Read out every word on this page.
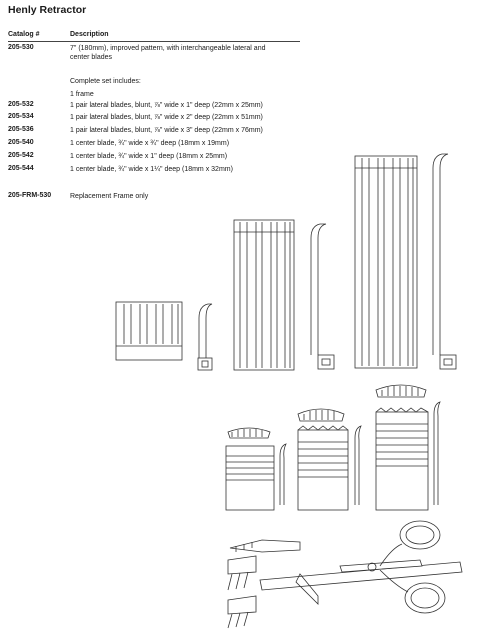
Henly Retractor
Catalog #	Description
205-530	7" (180mm), improved pattern, with interchangeable lateral and
center blades
Complete set includes:
1 frame
205-532	1 pair lateral blades, blunt, ⅞" wide x 1" deep (22mm x 25mm)
205-534	1 pair lateral blades, blunt, ⅞" wide x 2" deep (22mm x 51mm)
205-536	1 pair lateral blades, blunt, ⅞" wide x 3" deep (22mm x 76mm)
205-540	1 center blade, ¾" wide x ¾" deep (18mm x 19mm)
205-542	1 center blade, ¾" wide x 1" deep (18mm x 25mm)
205-544	1 center blade, ¾" wide x 1¼" deep (18mm x 32mm)
205-FRM-530	Replacement Frame only
